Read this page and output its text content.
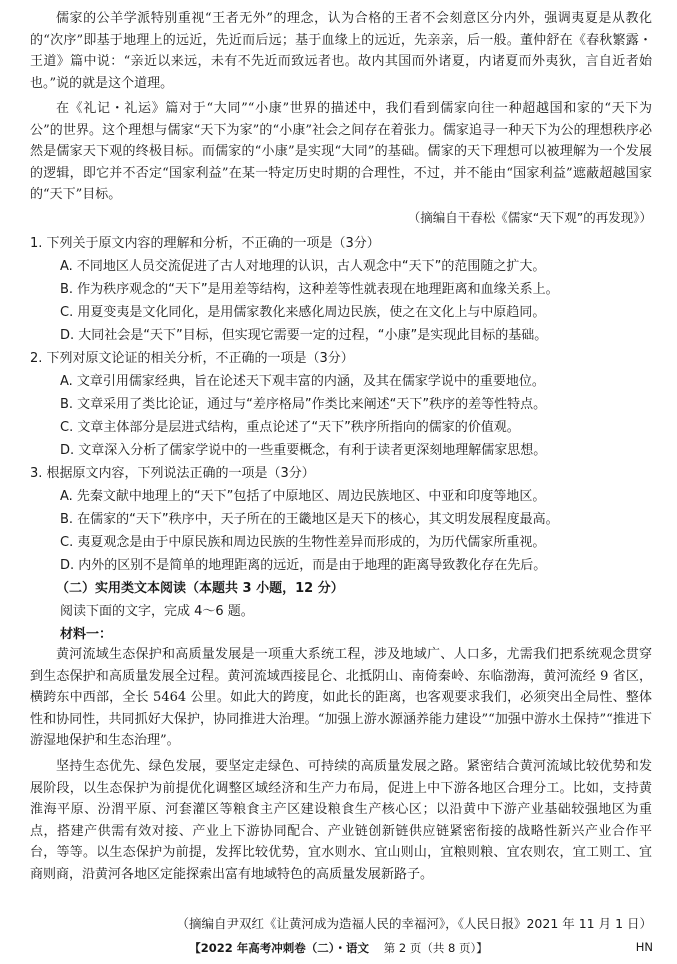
儒家的公羊学派特别重视“王者无外”的理念，认为合格的王者不会刻意区分内外，强调夷夏是从教化的“次序”即基于地理上的远近，先近而后远；基于血缘上的远近，先亲亲，后一般。董仲舒在《春秋繁露・王道》篇中说：“亲近以来远，未有不先近而致远者也。故内其国而外诸夏，内诸夏而外夷狄，言自近者始也。”说的就是这个道理。

在《礼记・礼运》篇对于“大同”“小康”世界的描述中，我们看到儒家向往一种超越国和家的“天下为公”的世界。这个理想与儒家“天下为家”的“小康”社会之间存在着张力。儒家追寻一种天下为公的理想秩序必然是儒家天下观的终极目标。而儒家的“小康”是实现“大同”的基础。儒家的天下理想可以被理解为一个发展的逻辑，即它并不否定“国家利益”在某一特定历史时期的合理性，不过，并不能由“国家利益”遮蔽超越国家的“天下”目标。

（摘编自干春松《儒家“天下观”的再发现》）

1. 下列关于原文内容的理解和分析，不正确的一项是（3分）

A. 不同地区人员交流促进了古人对地理的认识，古人观念中“天下”的范围随之扩大。

B. 作为秩序观念的“天下”是用差等结构，这种差等性就表现在地理距离和血缘关系上。

C. 用夏变夷是文化同化，是用儒家教化来感化周边民族，使之在文化上与中原趋同。

D. 大同社会是“天下”目标，但实现它需要一定的过程，“小康”是实现此目标的基础。

2. 下列对原文论证的相关分析，不正确的一项是（3分）

A. 文章引用儒家经典，旨在论述天下观丰富的内涵，及其在儒家学说中的重要地位。

B. 文章采用了类比论证，通过与“差序格局”作类比来阐述“天下”秩序的差等性特点。

C. 文章主体部分是层进式结构，重点论述了“天下”秩序所指向的儒家的价值观。

D. 文章深入分析了儒家学说中的一些重要概念，有利于读者更深刻地理解儒家思想。

3. 根据原文内容，下列说法正确的一项是（3分）

A. 先秦文献中地理上的“天下”包括了中原地区、周边民族地区、中亚和印度等地区。

B. 在儒家的“天下”秩序中，天子所在的王畿地区是天下的核心，其文明发展程度最高。

C. 夷夏观念是由于中原民族和周边民族的生物性差异而形成的，为历代儒家所重视。

D. 内外的区别不是简单的地理距离的远近，而是由于地理的距离导致教化存在先后。

（二）实用类文本阅读（本题共 3 小题，12 分）

阅读下面的文字，完成 4～6 题。

材料一：

黄河流域生态保护和高质量发展是一项重大系统工程，涉及地域广、人口多，尤需我们把系统观念贯穿到生态保护和高质量发展全过程。黄河流域西接昆仑、北抵阴山、南倚秦岭、东临渤海，黄河流经 9 省区，横跨东中西部，全长 5464 公里。如此大的跨度，如此长的距离，也客观要求我们，必须突出全局性、整体性和协同性，共同抓好大保护，协同推进大治理。“加强上游水源涵养能力建设”“加强中游水土保持”“推进下游湿地保护和生态治理”。

坚持生态优先、绿色发展，要坚定走绿色、可持续的高质量发展之路。紧密结合黄河流域比较优势和发展阶段，以生态保护为前提优化调整区域经济和生产力布局，促进上中下游各地区合理分工。比如，支持黄淮海平原、汾渭平原、河套灌区等粮食主产区建设粮食生产核心区；以沿黄中下游产业基础较强地区为重点，搭建产供需有效对接、产业上下游协同配合、产业链创新链供应链紧密衔接的战略性新兴产业合作平台，等等。以生态保护为前提，发挥比较优势，宜水则水、宜山则山，宜粮则粮、宜农则农，宜工则工、宜商则商，沿黄河各地区定能探索出富有地域特色的高质量发展新路子。

（摘编自尹双红《让黄河成为造福人民的幸福河》，《人民日报》2021 年 11 月 1 日）

【2022 年高考冲刺卷（二）・语文 第 2 页（共 8 页）】	HN
